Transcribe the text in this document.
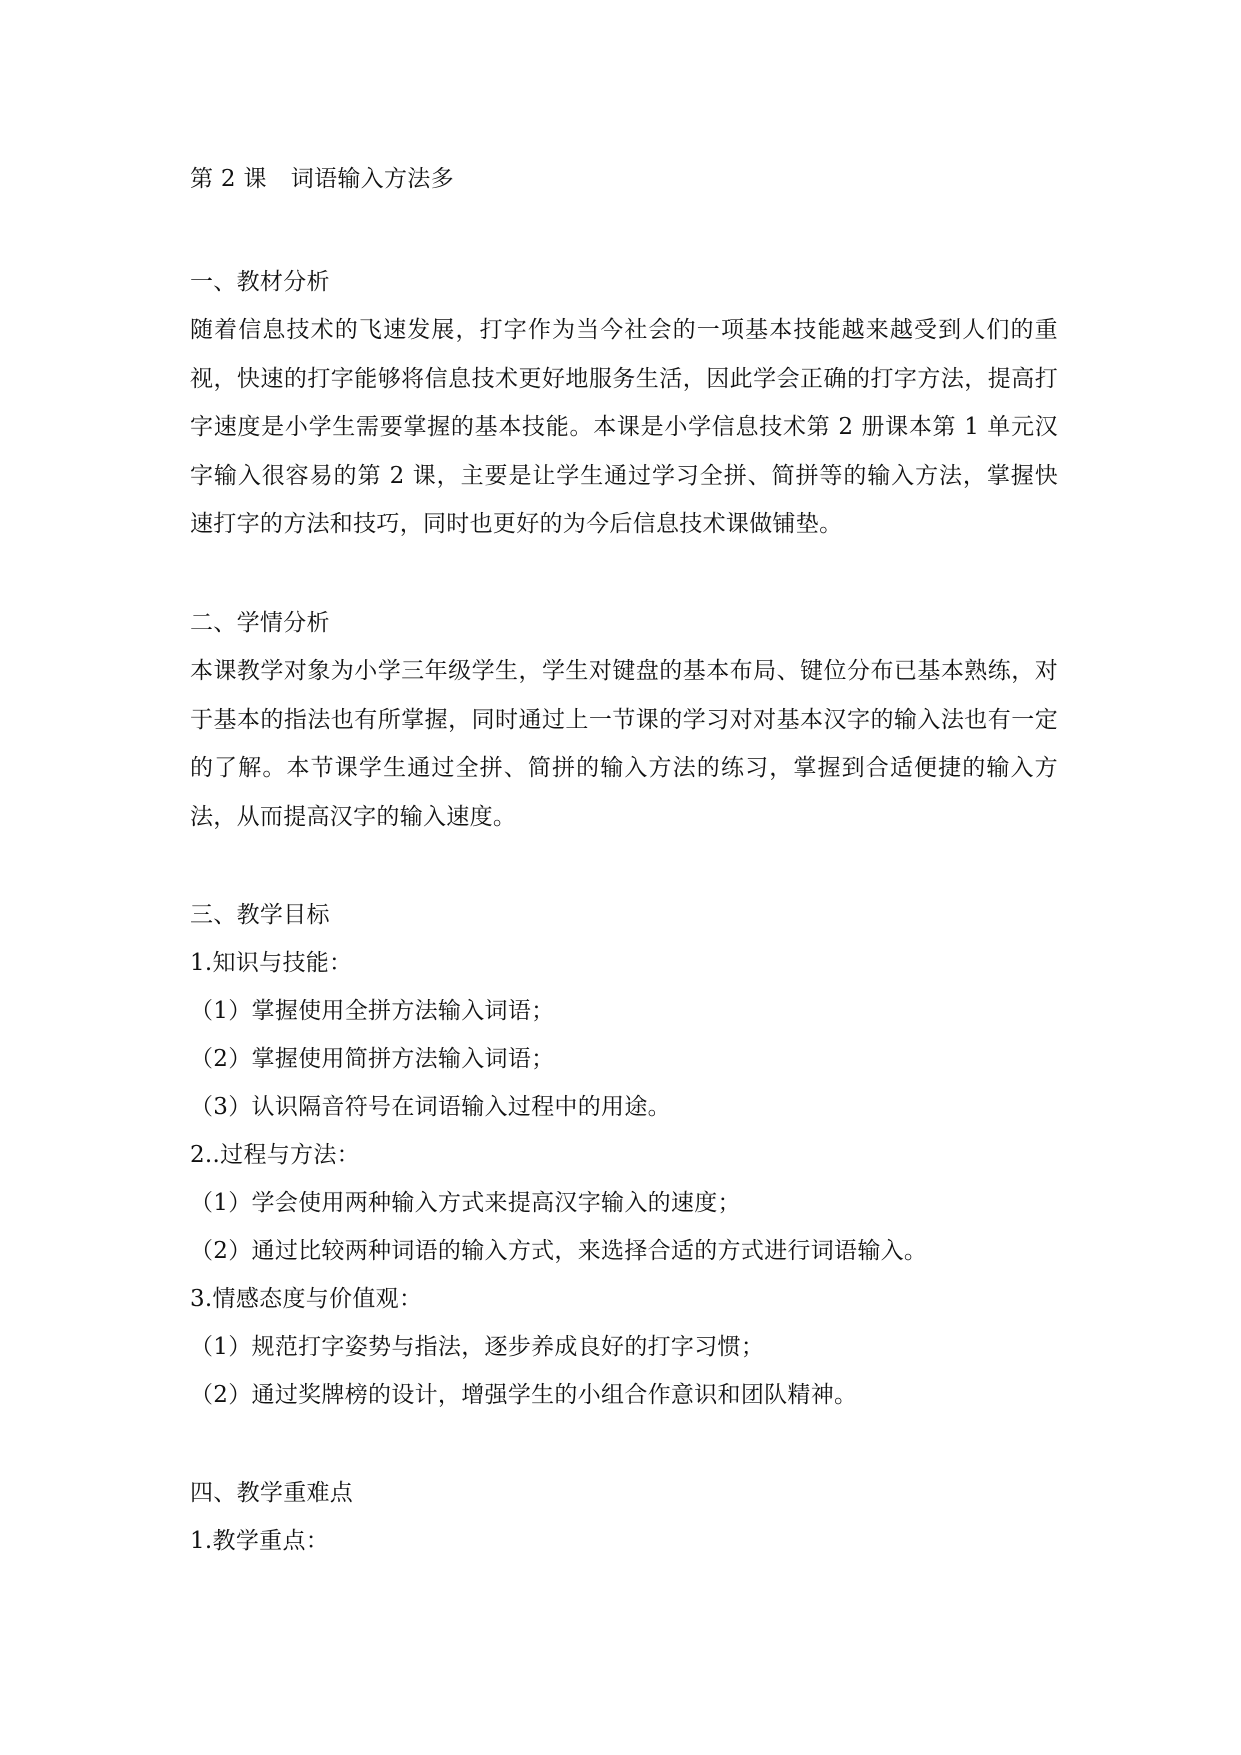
第 2 课 词语输入方法多
一、教材分析
随着信息技术的飞速发展，打字作为当今社会的一项基本技能越来越受到人们的重视，快速的打字能够将信息技术更好地服务生活，因此学会正确的打字方法，提高打字速度是小学生需要掌握的基本技能。本课是小学信息技术第 2 册课本第 1 单元汉字输入很容易的第 2 课，主要是让学生通过学习全拼、简拼等的输入方法，掌握快速打字的方法和技巧，同时也更好的为今后信息技术课做铺垫。
二、学情分析
本课教学对象为小学三年级学生，学生对键盘的基本布局、键位分布已基本熟练，对于基本的指法也有所掌握，同时通过上一节课的学习对对基本汉字的输入法也有一定的了解。本节课学生通过全拼、简拼的输入方法的练习，掌握到合适便捷的输入方法，从而提高汉字的输入速度。
三、教学目标
1.知识与技能：
（1）掌握使用全拼方法输入词语；
（2）掌握使用简拼方法输入词语；
（3）认识隔音符号在词语输入过程中的用途。
2..过程与方法：
（1）学会使用两种输入方式来提高汉字输入的速度；
（2）通过比较两种词语的输入方式，来选择合适的方式进行词语输入。
3.情感态度与价值观：
（1）规范打字姿势与指法，逐步养成良好的打字习惯；
（2）通过奖牌榜的设计，增强学生的小组合作意识和团队精神。
四、教学重难点
1.教学重点：
